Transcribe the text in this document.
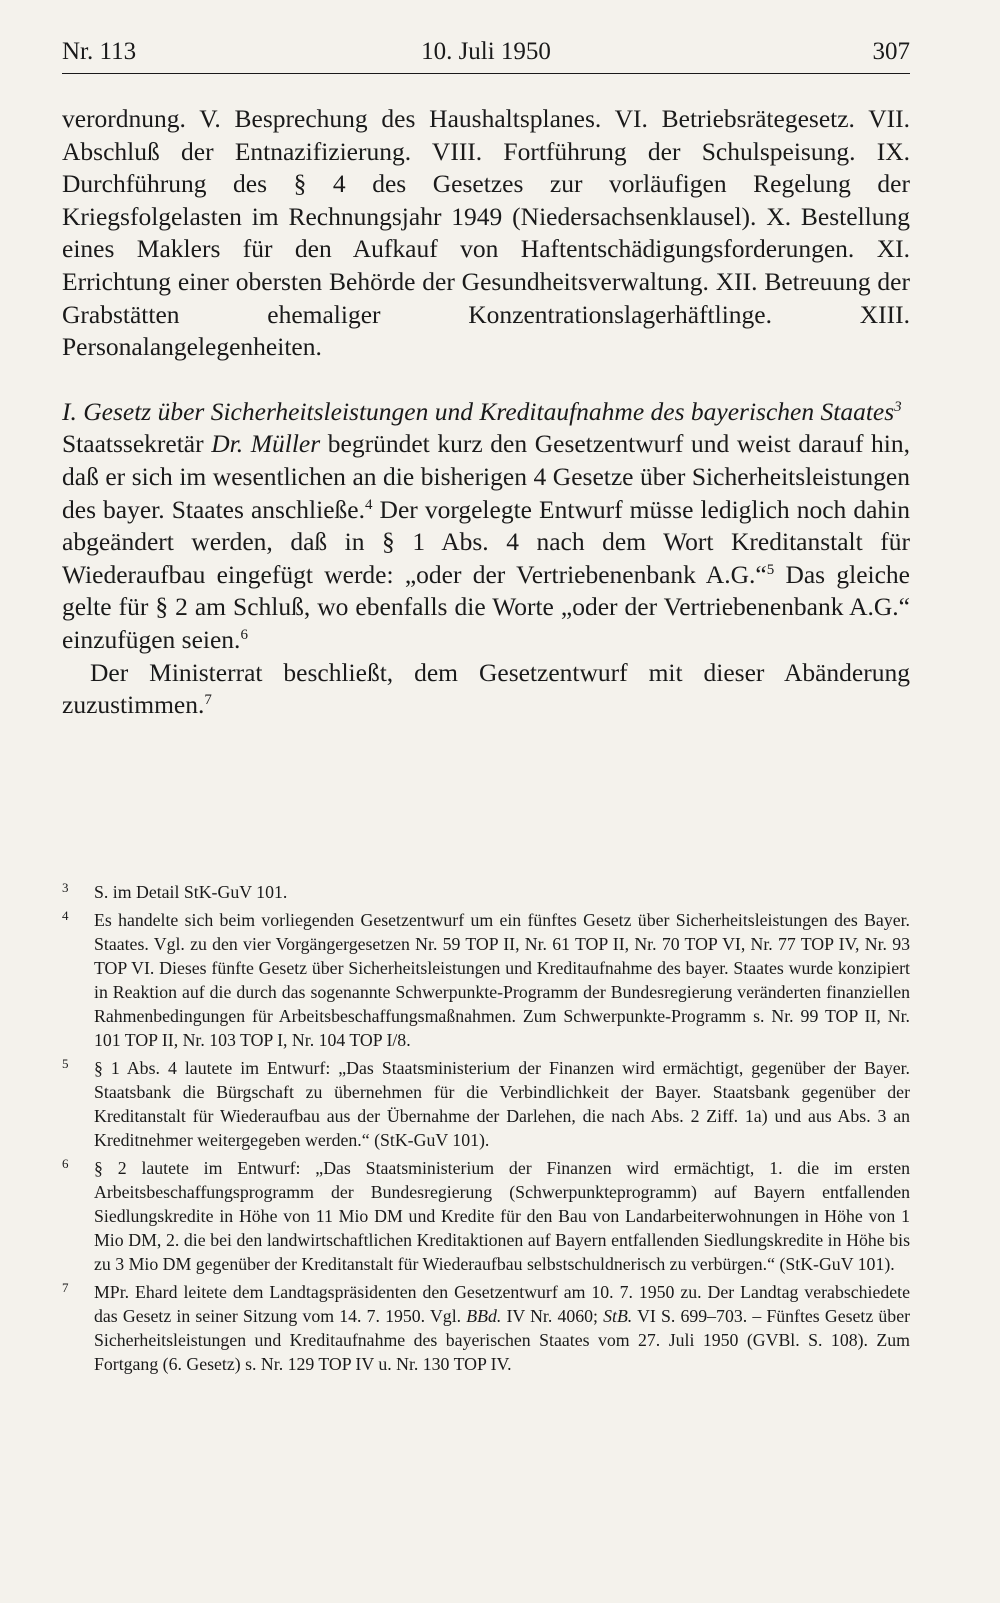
Nr. 113	10. Juli 1950	307

verordnung. V. Besprechung des Haushaltsplanes. VI. Betriebsrätegesetz. VII. Abschluß der Entnazifizierung. VIII. Fortführung der Schulspeisung. IX. Durchführung des § 4 des Gesetzes zur vorläufigen Regelung der Kriegsfolgelasten im Rechnungsjahr 1949 (Niedersachsenklausel). X. Bestellung eines Maklers für den Aufkauf von Haftentschädigungsforderungen. XI. Errichtung einer obersten Behörde der Gesundheitsverwaltung. XII. Betreuung der Grabstätten ehemaliger Konzentrationslagerhäftlinge. XIII. Personalangelegenheiten.

I. Gesetz über Sicherheitsleistungen und Kreditaufnahme des bayerischen Staates$^3$

Staatssekretär Dr. Müller begründet kurz den Gesetzentwurf und weist darauf hin, daß er sich im wesentlichen an die bisherigen 4 Gesetze über Sicherheitsleistungen des bayer. Staates anschließe.$^4$ Der vorgelegte Entwurf müsse lediglich noch dahin abgeändert werden, daß in § 1 Abs. 4 nach dem Wort Kreditanstalt für Wiederaufbau eingefügt werde: „oder der Vertriebenenbank A.G.“$^5$ Das gleiche gelte für § 2 am Schluß, wo ebenfalls die Worte „oder der Vertriebenenbank A.G.“ einzufügen seien.$^6$

Der Ministerrat beschließt, dem Gesetzentwurf mit dieser Abänderung zuzustimmen.$^7$

3 S. im Detail StK-GuV 101.

4 Es handelte sich beim vorliegenden Gesetzentwurf um ein fünftes Gesetz über Sicherheitsleistungen des Bayer. Staates. Vgl. zu den vier Vorgängergesetzen Nr. 59 TOP II, Nr. 61 TOP II, Nr. 70 TOP VI, Nr. 77 TOP IV, Nr. 93 TOP VI. Dieses fünfte Gesetz über Sicherheitsleistungen und Kreditaufnahme des bayer. Staates wurde konzipiert in Reaktion auf die durch das sogenannte Schwerpunkte-Programm der Bundesregierung veränderten finanziellen Rahmenbedingungen für Arbeitsbeschaffungsmaßnahmen. Zum Schwerpunkte-Programm s. Nr. 99 TOP II, Nr. 101 TOP II, Nr. 103 TOP I, Nr. 104 TOP I/8.

5 § 1 Abs. 4 lautete im Entwurf: „Das Staatsministerium der Finanzen wird ermächtigt, gegenüber der Bayer. Staatsbank die Bürgschaft zu übernehmen für die Verbindlichkeit der Bayer. Staatsbank gegenüber der Kreditanstalt für Wiederaufbau aus der Übernahme der Darlehen, die nach Abs. 2 Ziff. 1a) und aus Abs. 3 an Kreditnehmer weitergegeben werden.“ (StK-GuV 101).

6 § 2 lautete im Entwurf: „Das Staatsministerium der Finanzen wird ermächtigt, 1. die im ersten Arbeitsbeschaffungsprogramm der Bundesregierung (Schwerpunkteprogramm) auf Bayern entfallenden Siedlungskredite in Höhe von 11 Mio DM und Kredite für den Bau von Landarbeiterwohnungen in Höhe von 1 Mio DM, 2. die bei den landwirtschaftlichen Kreditaktionen auf Bayern entfallenden Siedlungskredite in Höhe bis zu 3 Mio DM gegenüber der Kreditanstalt für Wiederaufbau selbstschuldnerisch zu verbürgen.“ (StK-GuV 101).

7 MPr. Ehard leitete dem Landtagspräsidenten den Gesetzentwurf am 10. 7. 1950 zu. Der Landtag verabschiedete das Gesetz in seiner Sitzung vom 14. 7. 1950. Vgl. BBd. IV Nr. 4060; StB. VI S. 699–703. – Fünftes Gesetz über Sicherheitsleistungen und Kreditaufnahme des bayerischen Staates vom 27. Juli 1950 (GVBl. S. 108). Zum Fortgang (6. Gesetz) s. Nr. 129 TOP IV u. Nr. 130 TOP IV.
